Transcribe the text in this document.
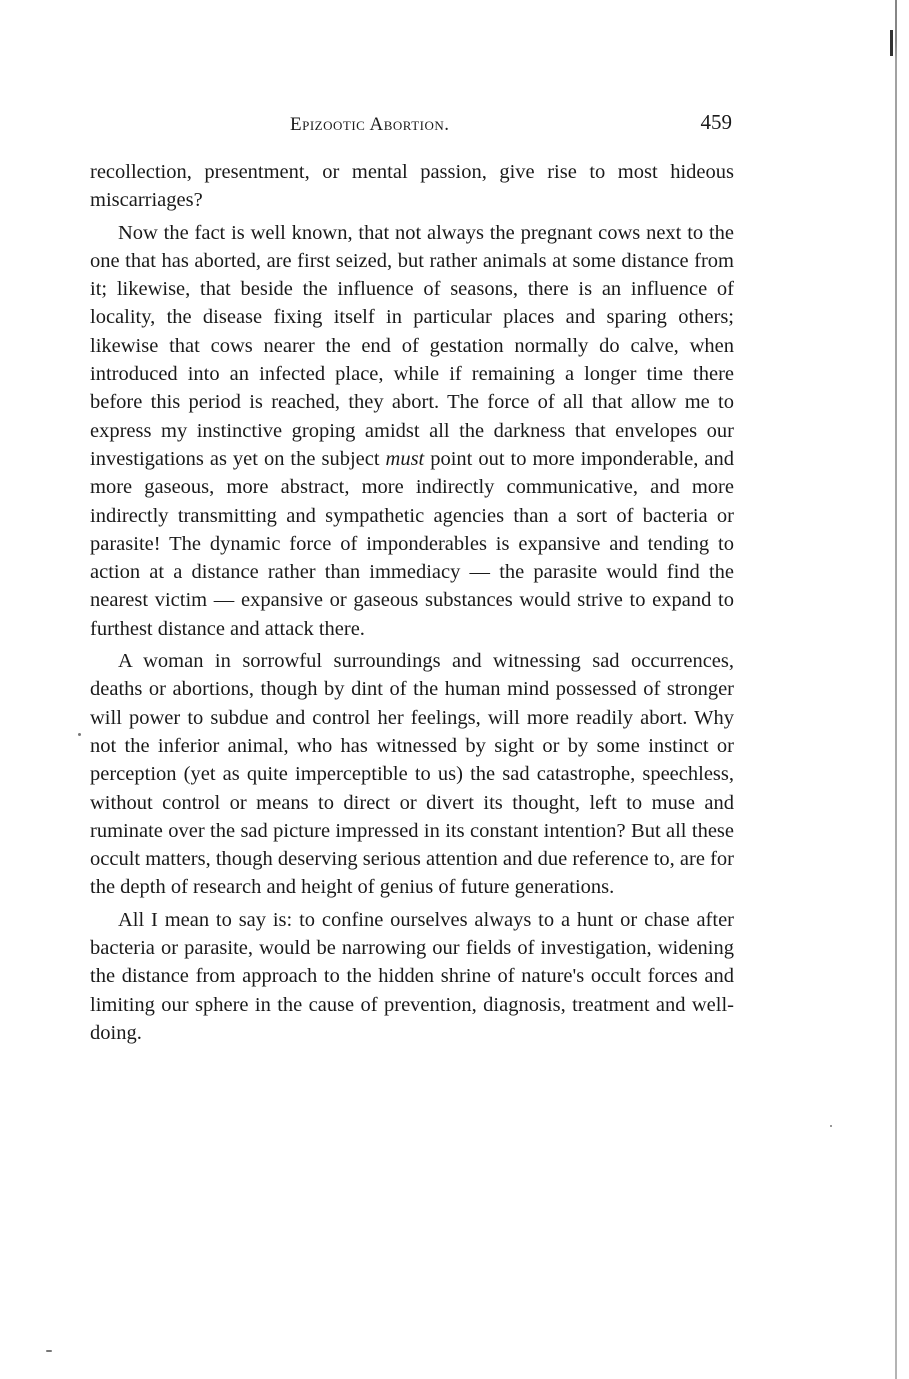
Epizootic Abortion.	459

recollection, presentment, or mental passion, give rise to most hideous miscarriages?

Now the fact is well known, that not always the pregnant cows next to the one that has aborted, are first seized, but rather animals at some distance from it; likewise, that beside the influence of seasons, there is an influence of locality, the disease fixing itself in particular places and sparing others; likewise that cows nearer the end of gestation normally do calve, when introduced into an infected place, while if remaining a longer time there before this period is reached, they abort. The force of all that allow me to express my instinctive groping amidst all the darkness that envelopes our investigations as yet on the subject must point out to more imponderable, and more gaseous, more abstract, more indirectly communicative, and more indirectly transmitting and sympathetic agencies than a sort of bacteria or parasite! The dynamic force of imponderables is expansive and tending to action at a distance rather than immediacy — the parasite would find the nearest victim — expansive or gaseous substances would strive to expand to furthest distance and attack there.

A woman in sorrowful surroundings and witnessing sad occurrences, deaths or abortions, though by dint of the human mind possessed of stronger will power to subdue and control her feelings, will more readily abort. Why not the inferior animal, who has witnessed by sight or by some instinct or perception (yet as quite imperceptible to us) the sad catastrophe, speechless, without control or means to direct or divert its thought, left to muse and ruminate over the sad picture impressed in its constant intention? But all these occult matters, though deserving serious attention and due reference to, are for the depth of research and height of genius of future generations.

All I mean to say is: to confine ourselves always to a hunt or chase after bacteria or parasite, would be narrowing our fields of investigation, widening the distance from approach to the hidden shrine of nature's occult forces and limiting our sphere in the cause of prevention, diagnosis, treatment and well-doing.
